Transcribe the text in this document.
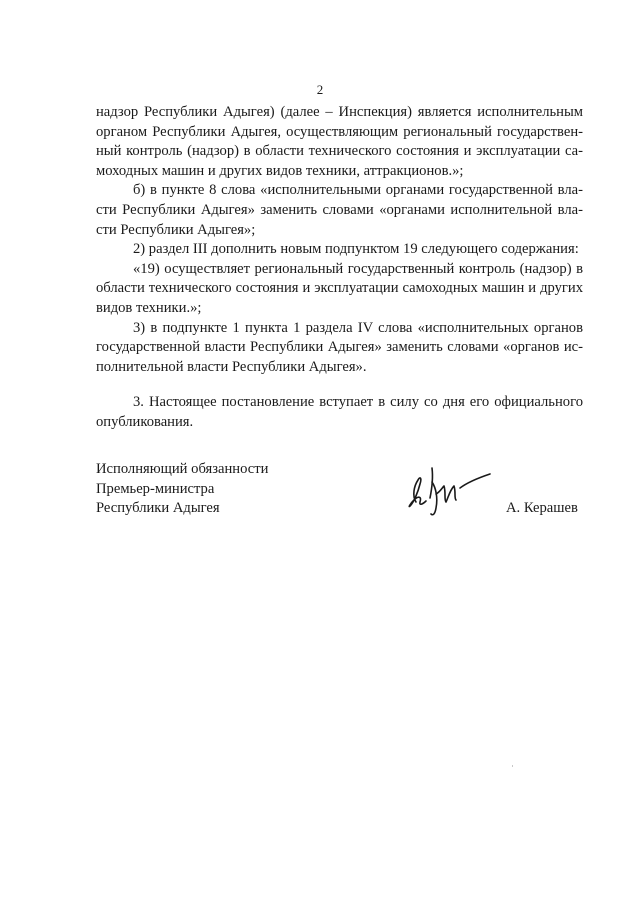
2
надзор Республики Адыгея) (далее – Инспекция) является исполнительным
органом Республики Адыгея, осуществляющим региональный государствен-
ный контроль (надзор) в области технического состояния и эксплуатации са-
моходных машин и других видов техники, аттракционов.»;
б) в пункте 8 слова «исполнительными органами государственной вла-
сти Республики Адыгея» заменить словами «органами исполнительной вла-
сти Республики Адыгея»;
2) раздел III дополнить новым подпунктом 19 следующего содержания:
«19) осуществляет региональный государственный контроль (надзор) в
области технического состояния и эксплуатации самоходных машин и других
видов техники.»;
3) в подпункте 1 пункта 1 раздела IV слова «исполнительных органов
государственной власти Республики Адыгея» заменить словами «органов ис-
полнительной власти Республики Адыгея».
3. Настоящее постановление вступает в силу со дня его официального
опубликования.
Исполняющий обязанности
Премьер-министра
Республики Адыгея	А. Керашев
